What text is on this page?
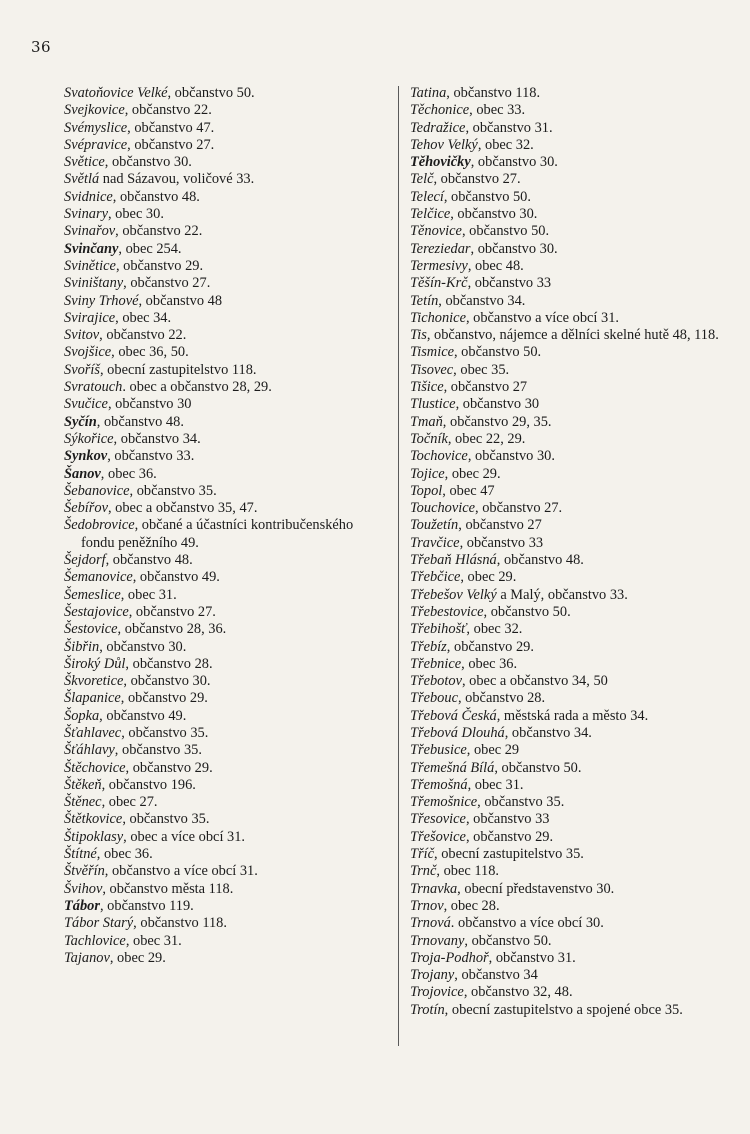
36
Svatoňovice Velké, občanstvo 50.
Svejkovice, občanstvo 22.
Svémyslice, občanstvo 47.
Svépravice, občanstvo 27.
Světice, občanstvo 30.
Světlá nad Sázavou, voličové 33.
Svidnice, občanstvo 48.
Svinary, obec 30.
Svinařov, občanstvo 22.
Svinčany, obec 254.
Svinětice, občanstvo 29.
Sviništany, občanstvo 27.
Sviny Trhové, občanstvo 48
Svirajice, obec 34.
Svitov, občanstvo 22.
Svojšice, obec 36, 50.
Svoříš, obecní zastupitelstvo 118.
Svratouch. obec a občanstvo 28, 29.
Svučice, občanstvo 30
Syčín, občanstvo 48.
Sýkořice, občanstvo 34.
Synkov, občanstvo 33.
Šanov, obec 36.
Šebanovice, občanstvo 35.
Šebířov, obec a občanstvo 35, 47.
Šedobrovice, občané a účastníci kontribučenského fondu peněžního 49.
Šejdorf, občanstvo 48.
Šemanovice, občanstvo 49.
Šemeslice, obec 31.
Šestajovice, občanstvo 27.
Šestovice, občanstvo 28, 36.
Šibřin, občanstvo 30.
Široký Důl, občanstvo 28.
Škvoretice, občanstvo 30.
Šlapanice, občanstvo 29.
Šopka, občanstvo 49.
Šťahlavec, občanstvo 35.
Šťáhlavy, občanstvo 35.
Štěchovice, občanstvo 29.
Štěkeň, občanstvo 196.
Štěnec, obec 27.
Štětkovice, občanstvo 35.
Štipoklasy, obec a více obcí 31.
Štítné, obec 36.
Štvěřín, občanstvo a více obcí 31.
Švihov, občanstvo města 118.
Tábor, občanstvo 119.
Tábor Starý, občanstvo 118.
Tachlovice, obec 31.
Tajanov, obec 29.
Tatina, občanstvo 118.
Těchonice, obec 33.
Tedražice, občanstvo 31.
Tehov Velký, obec 32.
Těhovičky, občanstvo 30.
Telč, občanstvo 27.
Telecí, občanstvo 50.
Telčice, občanstvo 30.
Těnovice, občanstvo 50.
Tereziedar, občanstvo 30.
Termesivy, obec 48.
Těšín-Krč, občanstvo 33
Tetín, občanstvo 34.
Tichonice, občanstvo a více obcí 31.
Tis, občanstvo, nájemce a dělníci skelné hutě 48, 118.
Tismice, občanstvo 50.
Tisovec, obec 35.
Tišice, občanstvo 27
Tlustice, občanstvo 30
Tmaň, občanstvo 29, 35.
Točník, obec 22, 29.
Tochovice, občanstvo 30.
Tojice, obec 29.
Topol, obec 47
Touchovice, občanstvo 27.
Toužetín, občanstvo 27
Travčice, občanstvo 33
Třebaň Hlásná, občanstvo 48.
Třebčice, obec 29.
Třebešov Velký a Malý, občanstvo 33.
Třebestovice, občanstvo 50.
Třebihošť, obec 32.
Třebíz, občanstvo 29.
Třebnice, obec 36.
Třebotov, obec a občanstvo 34, 50
Třebouc, občanstvo 28.
Třebová Česká, městská rada a město 34.
Třebová Dlouhá, občanstvo 34.
Třebusice, obec 29
Třemešná Bílá, občanstvo 50.
Třemošná, obec 31.
Třemošnice, občanstvo 35.
Třesovice, občanstvo 33
Třešovice, občanstvo 29.
Tříč, obecní zastupitelstvo 35.
Trnč, obec 118.
Trnavka, obecní představenstvo 30.
Trnov, obec 28.
Trnová. občanstvo a více obcí 30.
Trnovany, občanstvo 50.
Troja-Podhoř, občanstvo 31.
Trojany, občanstvo 34
Trojovice, občanstvo 32, 48.
Trotín, obecní zastupitelstvo a spojené obce 35.
